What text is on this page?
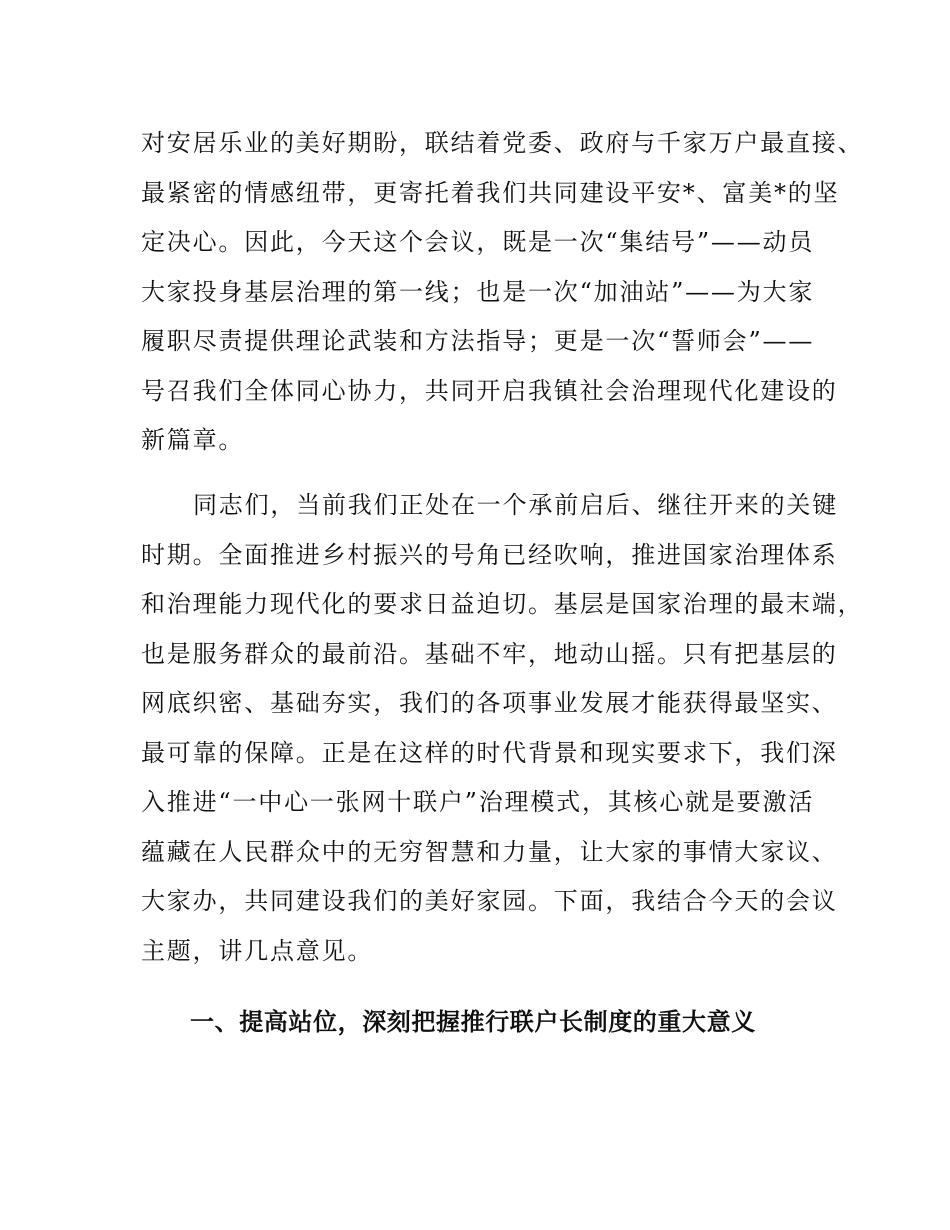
对安居乐业的美好期盼，联结着党委、政府与千家万户最直接、
最紧密的情感纽带，更寄托着我们共同建设平安*、富美*的坚
定决心。因此，今天这个会议，既是一次“集结号”——动员
大家投身基层治理的第一线；也是一次“加油站”——为大家
履职尽责提供理论武装和方法指导；更是一次“誓师会”——
号召我们全体同心协力，共同开启我镇社会治理现代化建设的
新篇章。

同志们，当前我们正处在一个承前启后、继往开来的关键
时期。全面推进乡村振兴的号角已经吹响，推进国家治理体系
和治理能力现代化的要求日益迫切。基层是国家治理的最末端，
也是服务群众的最前沿。基础不牢，地动山摇。只有把基层的
网底织密、基础夯实，我们的各项事业发展才能获得最坚实、
最可靠的保障。正是在这样的时代背景和现实要求下，我们深
入推进“一中心一张网十联户”治理模式，其核心就是要激活
蕴藏在人民群众中的无穷智慧和力量，让大家的事情大家议、
大家办，共同建设我们的美好家园。下面，我结合今天的会议
主题，讲几点意见。

一、提高站位，深刻把握推行联户长制度的重大意义
